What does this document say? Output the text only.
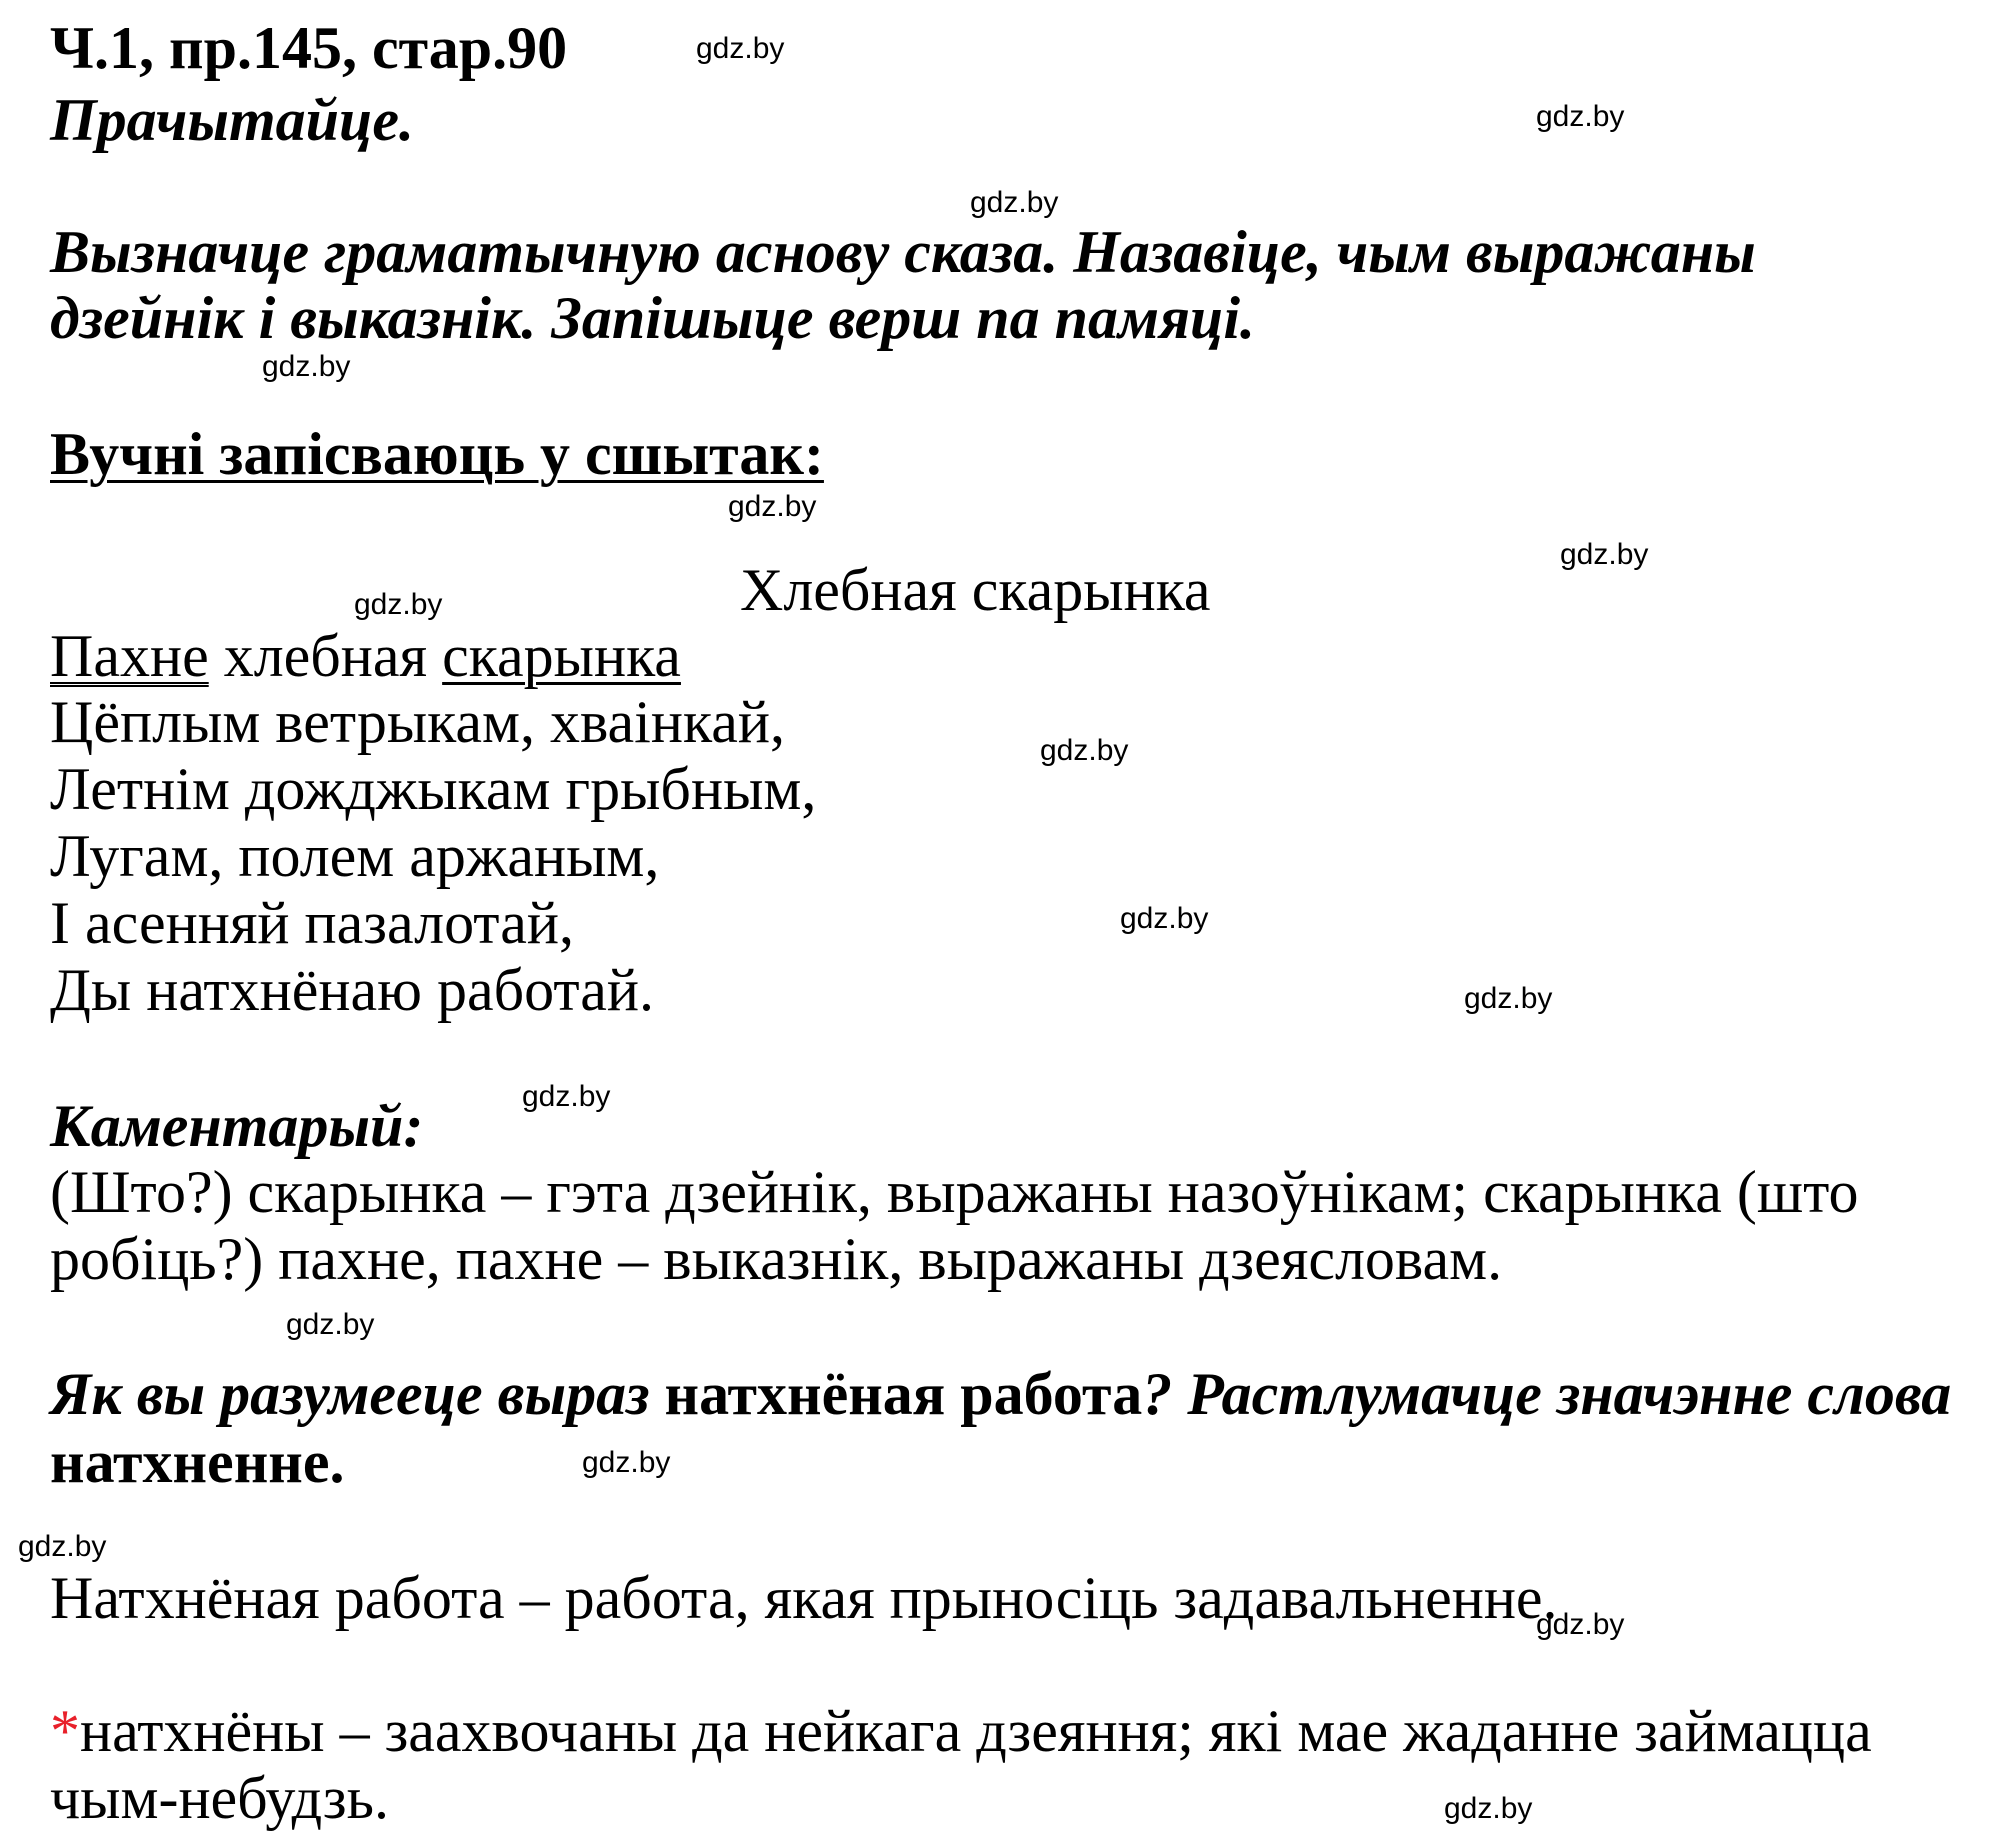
Ч.1, пр.145, стар.90
Прачытайце.
Вызначце граматычную аснову сказа. Назавіце, чым выражаны
дзейнік і выказнік. Запішыце верш па памяці.
Вучні запісваюць у сшытак:
Хлебная скарынка
Пахне хлебная скарынка
Цёплым ветрыкам, хваінкай,
Летнім дожджыкам грыбным,
Лугам, полем аржаным,
І асенняй пазалотай,
Ды натхнёнаю работай.
Каментарый:
(Што?) скарынка – гэта дзейнік, выражаны назоўнікам; скарынка (што
робіць?) пахне, пахне – выказнік, выражаны дзеясловам.
Як вы разумееце выраз натхнёная работа? Растлумачце значэнне слова
натхненне.
Натхнёная работа – работа, якая прыносіць задавальненне.
*натхнёны – заахвочаны да нейкага дзеяння; які мае жаданне займацца
чым-небудзь.
gdz.by
gdz.by
gdz.by
gdz.by
gdz.by
gdz.by
gdz.by
gdz.by
gdz.by
gdz.by
gdz.by
gdz.by
gdz.by
gdz.by
gdz.by
gdz.by
